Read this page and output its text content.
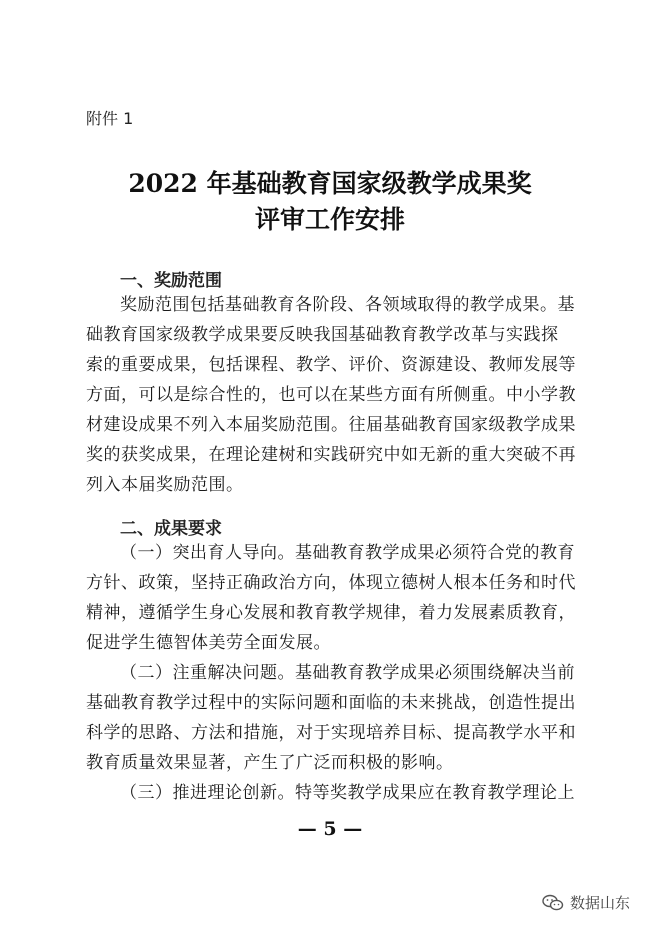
附件 1
2022 年基础教育国家级教学成果奖
评审工作安排
一、奖励范围
奖励范围包括基础教育各阶段、各领域取得的教学成果。基
础教育国家级教学成果要反映我国基础教育教学改革与实践探
索的重要成果，包括课程、教学、评价、资源建设、教师发展等
方面，可以是综合性的，也可以在某些方面有所侧重。中小学教
材建设成果不列入本届奖励范围。往届基础教育国家级教学成果
奖的获奖成果，在理论建树和实践研究中如无新的重大突破不再
列入本届奖励范围。
二、成果要求
（一）突出育人导向。基础教育教学成果必须符合党的教育
方针、政策，坚持正确政治方向，体现立德树人根本任务和时代
精神，遵循学生身心发展和教育教学规律，着力发展素质教育，
促进学生德智体美劳全面发展。
（二）注重解决问题。基础教育教学成果必须围绕解决当前
基础教育教学过程中的实际问题和面临的未来挑战，创造性提出
科学的思路、方法和措施，对于实现培养目标、提高教学水平和
教育质量效果显著，产生了广泛而积极的影响。
（三）推进理论创新。特等奖教学成果应在教育教学理论上
— 5 —
数据山东
